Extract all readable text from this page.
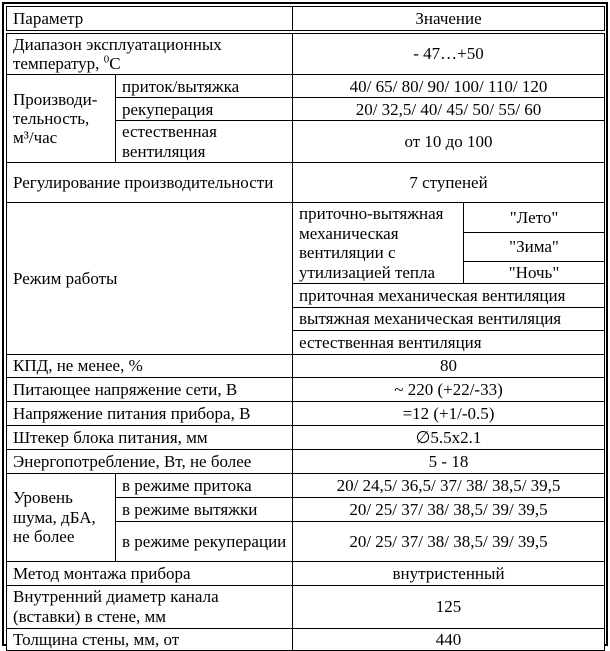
Параметр		Значение	
Диапазон эксплуатационных температур, $^0$С		- 47…+50	

Производи-
тельность,
м³/час	приток/вытяжка	40/ 65/ 80/ 90/ 100/ 110/ 120	
	рекуперация	20/ 32,5/ 40/ 45/ 50/ 55/ 60	
	естественная вентиляция	от 10 до 100	
Регулирование производительности		7 ступеней	
Режим работы		приточно-вытяжная механическая вентиляции с утилизацией тепла	"Лето"
			"Зима"
			"Ночь"
		приточная механическая вентиляция	
		вытяжная механическая вентиляция	
		естественная вентиляция	
КПД, не менее, %		80	
Питающее напряжение сети, В		~ 220 (+22/-33)	
Напряжение питания прибора, В		=12 (+1/-0.5)	
Штекер блока питания, мм		∅5.5x2.1	
Энергопотребление, Вт, не более		5 - 18	

Уровень
шума, дБА,
не более	в режиме притока	20/ 24,5/ 36,5/ 37/ 38/ 38,5/ 39,5	
	в режиме вытяжки	20/ 25/ 37/ 38/ 38,5/ 39/ 39,5	
	в режиме рекуперации	20/ 25/ 37/ 38/ 38,5/ 39/ 39,5	
Метод монтажа прибора		внутристенный	
Внутренний диаметр канала (вставки) в стене, мм		125	
Толщина стены, мм, от		440	
